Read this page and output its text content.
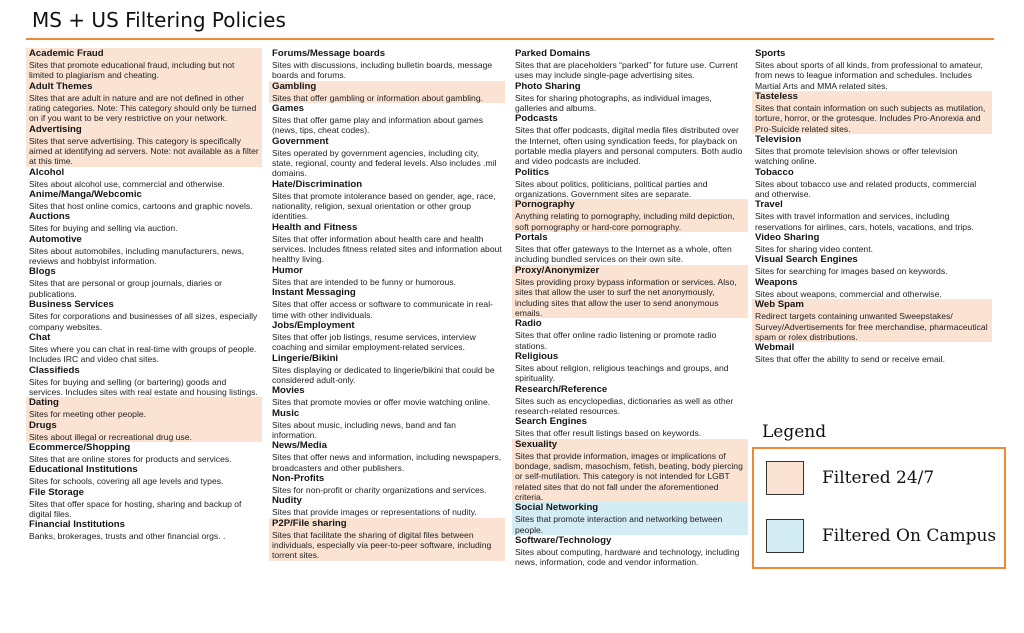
MS + US Filtering Policies
Academic Fraud
Sites that promote educational fraud, including but not limited to plagiarism and cheating.
Adult Themes
Sites that are adult in nature and are not defined in other rating categories. Note: This category should only be turned on if you want to be very restrictive on your network.
Advertising
Sites that serve advertising. This category is specifically aimed at identifying ad servers. Note: not available as a filter at this time.
Alcohol
Sites about alcohol use, commercial and otherwise.
Anime/Manga/Webcomic
Sites that host online comics, cartoons and graphic novels.
Auctions
Sites for buying and selling via auction.
Automotive
Sites about automobiles, including manufacturers, news, reviews and hobbyist information.
Blogs
Sites that are personal or group journals, diaries or publications.
Business Services
Sites for corporations and businesses of all sizes, especially company websites.
Chat
Sites where you can chat in real-time with groups of people. Includes IRC and video chat sites.
Classifieds
Sites for buying and selling (or bartering) goods and services. Includes sites with real estate and housing listings.
Dating
Sites for meeting other people.
Drugs
Sites about illegal or recreational drug use.
Ecommerce/Shopping
Sites that are online stores for products and services.
Educational Institutions
Sites for schools, covering all age levels and types.
File Storage
Sites that offer space for hosting, sharing and backup of digital files.
Financial Institutions
Banks, brokerages, trusts and other financial orgs. .
Forums/Message boards
Sites with discussions, including bulletin boards, message boards and forums.
Gambling
Sites that offer gambling or information about gambling.
Games
Sites that offer game play and information about games (news, tips, cheat codes).
Government
Sites operated by government agencies, including city, state, regional, county and federal levels. Also includes .mil domains.
Hate/Discrimination
Sites that promote intolerance based on gender, age, race, nationality, religion, sexual orientation or other group identities.
Health and Fitness
Sites that offer information about health care and health services. Includes fitness related sites and information about healthy living.
Humor
Sites that are intended to be funny or humorous.
Instant Messaging
Sites that offer access or software to communicate in real-time with other individuals.
Jobs/Employment
Sites that offer job listings, resume services, interview coaching and similar employment-related services.
Lingerie/Bikini
Sites displaying or dedicated to lingerie/bikini that could be considered adult-only.
Movies
Sites that promote movies or offer movie watching online.
Music
Sites about music, including news, band and fan information.
News/Media
Sites that offer news and information, including newspapers, broadcasters and other publishers.
Non-Profits
Sites for non-profit or charity organizations and services.
Nudity
Sites that provide images or representations of nudity.
P2P/File sharing
Sites that facilitate the sharing of digital files between individuals, especially via peer-to-peer software, including torrent sites.
Parked Domains
Sites that are placeholders “parked” for future use. Current uses may include single-page advertising sites.
Photo Sharing
Sites for sharing photographs, as individual images, galleries and albums.
Podcasts
Sites that offer podcasts, digital media files distributed over the Internet, often using syndication feeds, for playback on portable media players and personal computers. Both audio and video podcasts are included.
Politics
Sites about politics, politicians, political parties and organizations. Government sites are separate.
Pornography
Anything relating to pornography, including mild depiction, soft pornography or hard-core pornography.
Portals
Sites that offer gateways to the Internet as a whole, often including bundled services on their own site.
Proxy/Anonymizer
Sites providing proxy bypass information or services. Also, sites that allow the user to surf the net anonymously, including sites that allow the user to send anonymous emails.
Radio
Sites that offer online radio listening or promote radio stations.
Religious
Sites about religion, religious teachings and groups, and spirituality.
Research/Reference
Sites such as encyclopedias, dictionaries as well as other research-related resources.
Search Engines
Sites that offer result listings based on keywords.
Sexuality
Sites that provide information, images or implications of bondage, sadism, masochism, fetish, beating, body piercing or self-mutilation. This category is not intended for LGBT related sites that do not fall under the aforementioned criteria.
Social Networking
Sites that promote interaction and networking between people.
Software/Technology
Sites about computing, hardware and technology, including news, information, code and vendor information.
Sports
Sites about sports of all kinds, from professional to amateur, from news to league information and schedules. Includes Martial Arts and MMA related sites.
Tasteless
Sites that contain information on such subjects as mutilation, torture, horror, or the grotesque. Includes Pro-Anorexia and Pro-Suicide related sites.
Television
Sites that promote television shows or offer television watching online.
Tobacco
Sites about tobacco use and related products, commercial and otherwise.
Travel
Sites with travel information and services, including reservations for airlines, cars, hotels, vacations, and trips.
Video Sharing
Sites for sharing video content.
Visual Search Engines
Sites for searching for images based on keywords.
Weapons
Sites about weapons, commercial and otherwise.
Web Spam
Redirect targets containing unwanted Sweepstakes/ Survey/Advertisements for free merchandise, pharmaceutical spam or rolex distributions.
Webmail
Sites that offer the ability to send or receive email.
Legend
Filtered 24/7
Filtered On Campus
